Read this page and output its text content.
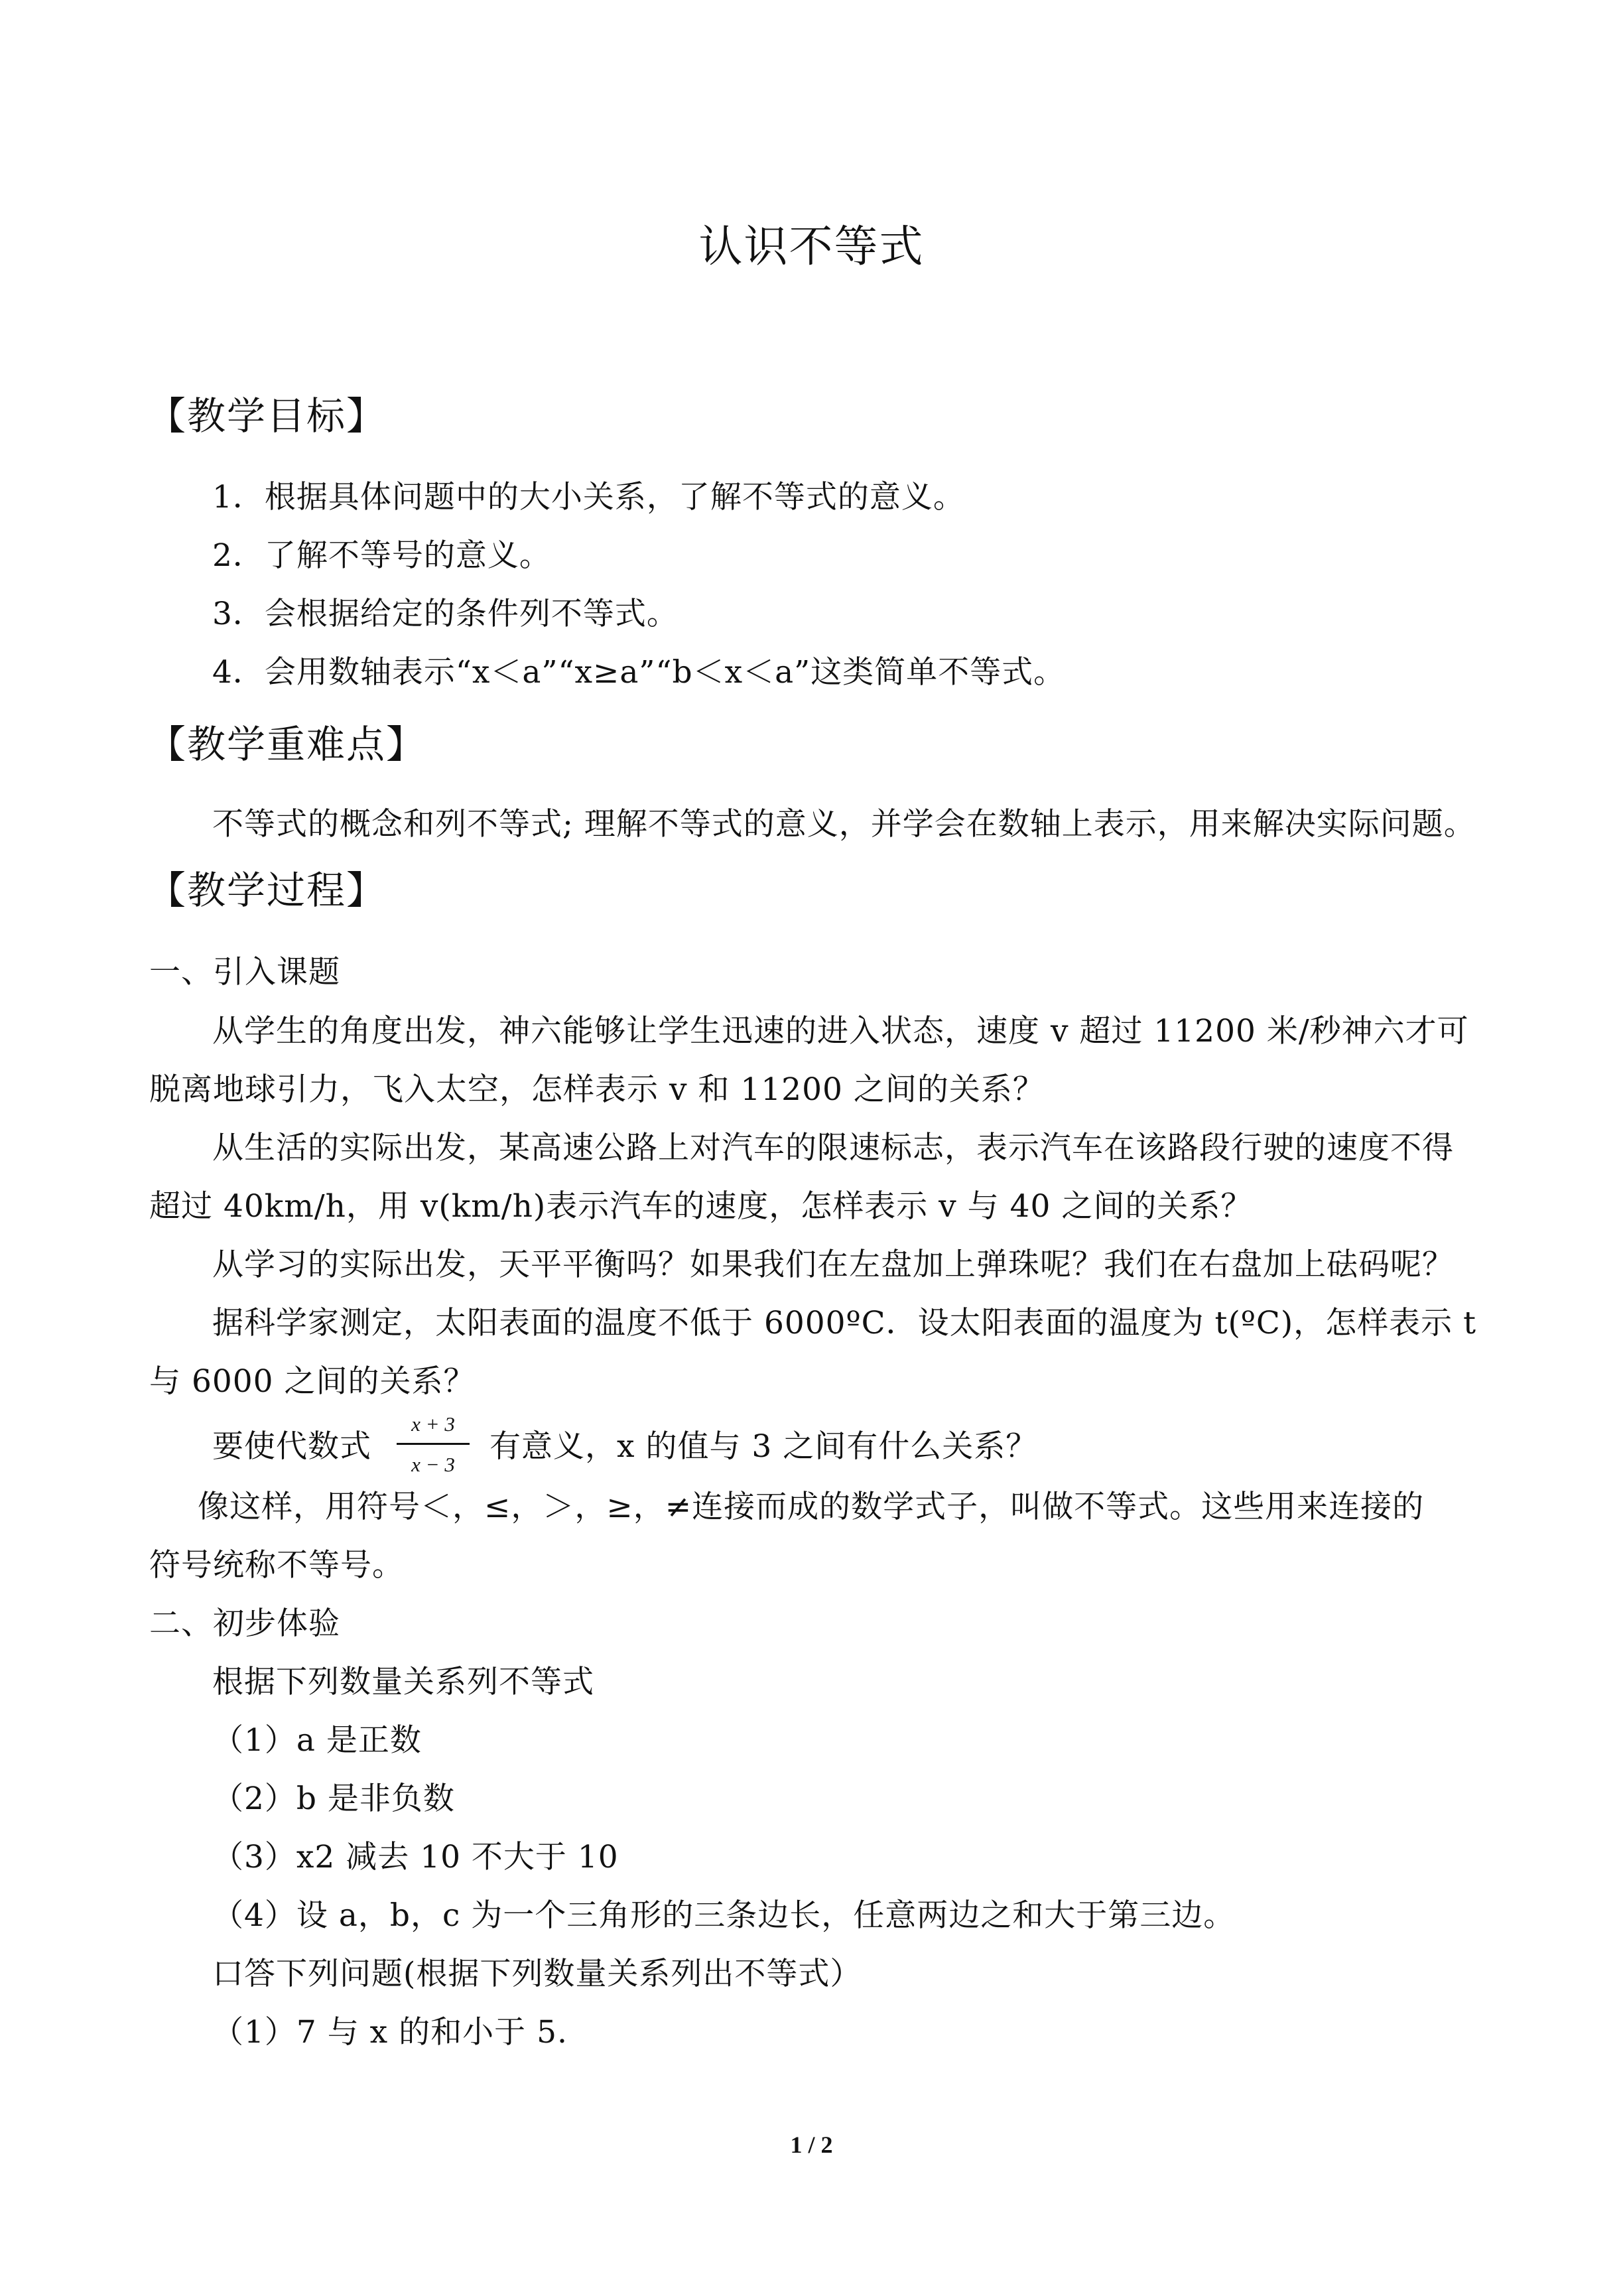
认识不等式
【教学目标】
1．根据具体问题中的大小关系，了解不等式的意义。
2．了解不等号的意义。
3．会根据给定的条件列不等式。
4．会用数轴表示“x＜a”“x≥a”“b＜x＜a”这类简单不等式。
【教学重难点】
不等式的概念和列不等式; 理解不等式的意义，并学会在数轴上表示，用来解决实际问题。
【教学过程】
一、引入课题
从学生的角度出发，神六能够让学生迅速的进入状态，速度 v 超过 11200 米/秒神六才可
脱离地球引力，飞入太空，怎样表示 v 和 11200 之间的关系？
从生活的实际出发，某高速公路上对汽车的限速标志，表示汽车在该路段行驶的速度不得
超过 40km/h，用 v(km/h)表示汽车的速度，怎样表示 v 与 40 之间的关系？
从学习的实际出发，天平平衡吗？如果我们在左盘加上弹珠呢？我们在右盘加上砝码呢？
据科学家测定，太阳表面的温度不低于 6000ºC．设太阳表面的温度为 t(ºC)，怎样表示 t
与 6000 之间的关系？
要使代数式
x + 3
x − 3	有意义，x 的值与 3 之间有什么关系？
像这样，用符号＜，≤，＞，≥，≠连接而成的数学式子，叫做不等式。这些用来连接的
符号统称不等号。
二、初步体验
根据下列数量关系列不等式
（1）a 是正数
（2）b 是非负数
（3）x2 减去 10 不大于 10
（4）设 a，b，c 为一个三角形的三条边长，任意两边之和大于第三边。
口答下列问题(根据下列数量关系列出不等式）
（1）7 与 x 的和小于 5.
1 / 2
